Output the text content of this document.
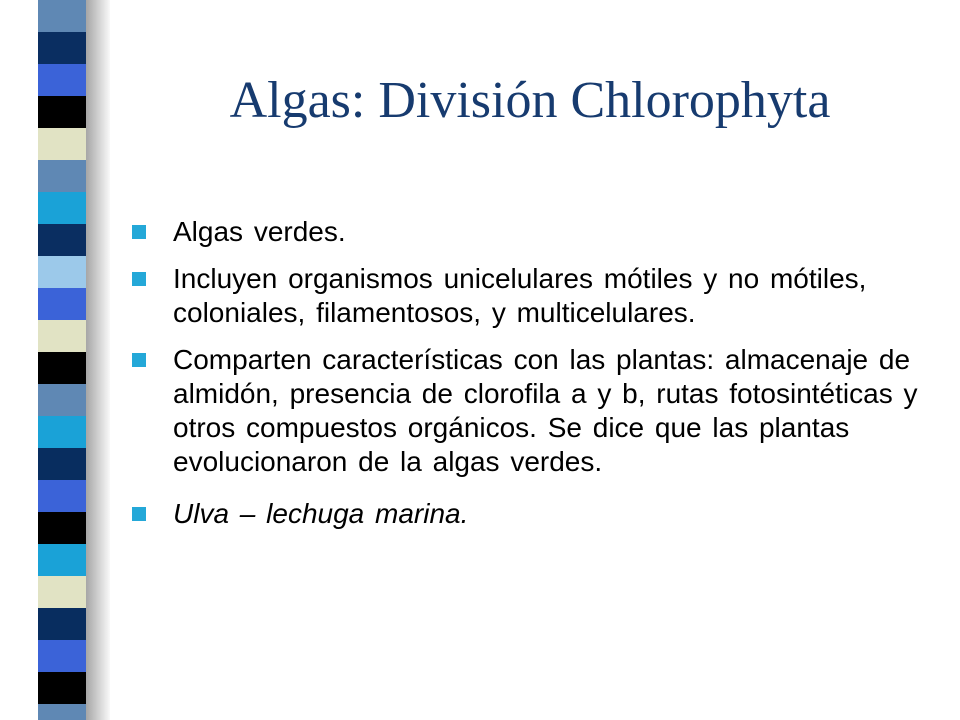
Algas: División Chlorophyta
Algas verdes.
Incluyen organismos unicelulares mótiles y no mótiles, coloniales, filamentosos, y multicelulares.
Comparten características con las plantas: almacenaje de almidón, presencia de clorofila a y b, rutas fotosintéticas y otros compuestos orgánicos. Se dice que las plantas evolucionaron de la algas verdes.
Ulva – lechuga marina.
